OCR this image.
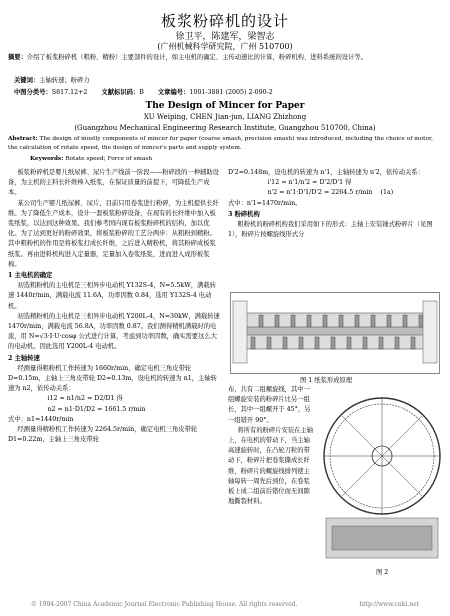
板浆粉碎机的设计
徐卫平，陈建军，梁智志
(广州机械科学研究院，广州 510700)
摘要：介绍了板浆粉碎机（粗粉、精粉）主要部件的设计，如主电机的确定、主传动速比的计算，粉碎机构、进料系统的设计等。
关键词：主轴转速；粉碎力
中图分类号：S817.12+2 文献标识码：B 文章编号：1001-3881 (2005) 2-090-2
The Design of Mincer for Paper
XU Weiping, CHEN Jian-jun, LIANG Zhizhong
(Guangzhou Mechanical Engineering Research Institute, Guangzhou 510700, China)
Abstract: The design of mostly components of mincer for paper (coarse smash, precision smash) was introduced, including the choice of motor, the calculation of rotate speed, the design of mincer's parts and supply system.
Keywords: Rotate speed; Force of smash

板浆粉碎机是婴儿纸尿裤、尿片生产线前一阶段——粉碎段的一种辅助设备，为主机的主料长纤维棒入纸浆，在保证质量的前提下，可降低生产成本。

某公司生产婴儿纸尿裤、尿片，目前只用卷浆进行粉碎，为主机提供长纤维。为了降低生产成本，设计一套板浆粉碎设备，在现有的长纤维中加入板浆纸浆，以达到这种效果。我们参考国内现有板浆粉碎机的结构，加以优化。为了达到更好的粉碎效果，将板浆粉碎的工艺分两步：从粗粉到精粉。其中粗粉机的作用是将板浆打成长纤维，之后进入精粉机，将其粉碎成板浆纸浆。再由进料机构进入定量器，定量加入卷浆纸浆，进而进入成形板浆棉。

1 主电机的确定

初选粗粉机的主电机是三相异步电动机 Y132S-4，N=5.5kW，满载转速 1440r/min，满载电流 11.6A，功率因数 0.84，选用 Y132S-4 电动机。

初选精粉机的主电机是三相异步电动机 Y200L-4，N=30kW，满载转速 1470r/min，满载电流 56.8A，功率因数 0.87。我们测得精机满载时的电流，用 N=√3·I·U·cosφ 公式进行计算，考虑到功率因数，确实需要这么大的电动机。因此选用 Y200L-4 电动机。

2 主轴转速

经测量得粗粉机工作转速为 1660r/min，确定电机三角皮带轮 D=0.15m，主轴上三角皮带轮 D2=0.13m，设电机的转速为 n1，主轴转速为 n2，依传动关系：

i12 = n1/n2 = D2/D1 得

n2 = n1·D1/D2 = 1661.5 r/min

式中：n1=1440r/min

经测量得精粉机工作转速为 2264.5r/min，确定电机三角皮带轮 D1=0.22m，主轴上三角皮带轮

D'2=0.148m，设电机的转速为 n'1，主轴转速为 n'2，依传动关系：

i'12 = n'1/n'2 = D'2/D'1 得

n'2 = n'1·D'1/D'2 = 2264.5 r/min (1a)

式中：n'1=1470r/min。

3 粉碎机构

粗粉机的粉碎机构我们采用如下的形式：主轴上安装锤式粉碎片（见图 1），粉碎片按螺旋线形式分

图 1 纸浆形成原理

布，共有二组螺旋线，其中一组螺旋安装的粉碎片比另一组长，其中一组螺开于 45°，另一组错开 90°。

将所有的粉碎片安装在主轴上，在电机的带动下，当主轴高速旋转时，在凸轮刀粒的带动下，粉碎片把卷浆撕成长纤维，粉碎片的螺旋线排列使主轴每转一周先后到位，在卷浆板上成二组前后错位而无间隙地撕裂材料。

图 2
© 1994-2007 China Academic Journal Electronic Publishing House. All rights reserved.	http://www.cnki.net
